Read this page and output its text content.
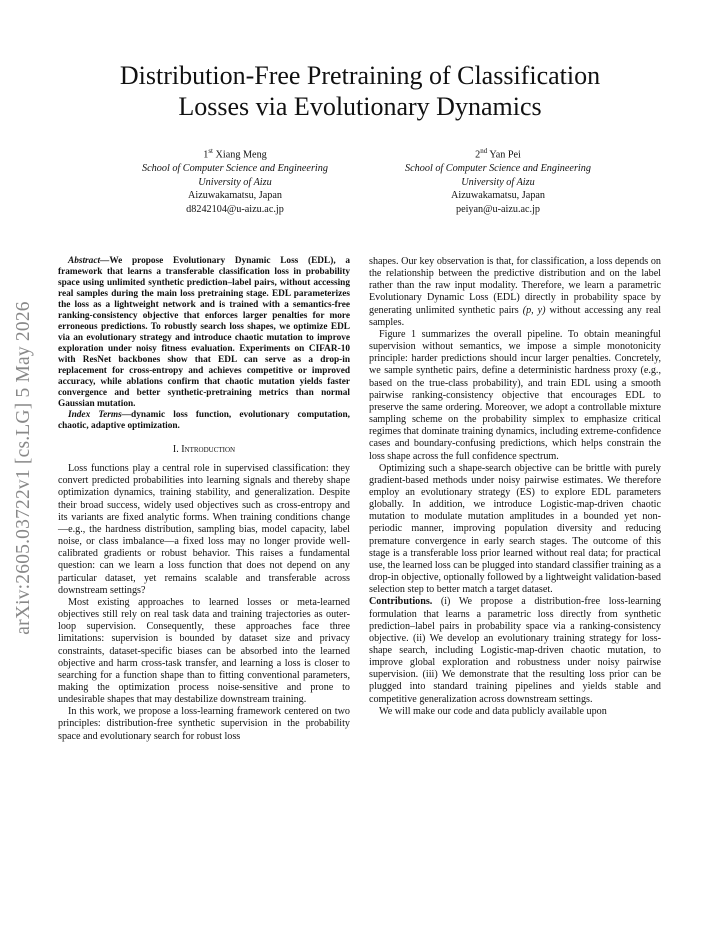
arXiv:2605.03722v1 [cs.LG] 5 May 2026
Distribution-Free Pretraining of Classification Losses via Evolutionary Dynamics
1st Xiang Meng
School of Computer Science and Engineering
University of Aizu
Aizuwakamatsu, Japan
d8242104@u-aizu.ac.jp
2nd Yan Pei
School of Computer Science and Engineering
University of Aizu
Aizuwakamatsu, Japan
peiyan@u-aizu.ac.jp

Abstract—We propose Evolutionary Dynamic Loss (EDL), a framework that learns a transferable classification loss in probability space using unlimited synthetic prediction–label pairs, without accessing real samples during the main loss pretraining stage. EDL parameterizes the loss as a lightweight network and is trained with a semantics-free ranking-consistency objective that enforces larger penalties for more erroneous predictions. To robustly search loss shapes, we optimize EDL via an evolutionary strategy and introduce chaotic mutation to improve exploration under noisy fitness evaluation. Experiments on CIFAR-10 with ResNet backbones show that EDL can serve as a drop-in replacement for cross-entropy and achieves competitive or improved accuracy, while ablations confirm that chaotic mutation yields faster convergence and better synthetic-pretraining metrics than normal Gaussian mutation.

Index Terms—dynamic loss function, evolutionary computation, chaotic, adaptive optimization.

I. Introduction

Loss functions play a central role in supervised classification: they convert predicted probabilities into learning signals and thereby shape optimization dynamics, training stability, and generalization. Despite their broad success, widely used objectives such as cross-entropy and its variants are fixed analytic forms. When training conditions change—e.g., the hardness distribution, sampling bias, model capacity, label noise, or class imbalance—a fixed loss may no longer provide well-calibrated gradients or robust behavior. This raises a fundamental question: can we learn a loss function that does not depend on any particular dataset, yet remains scalable and transferable across downstream settings?

Most existing approaches to learned losses or meta-learned objectives still rely on real task data and training trajectories as outer-loop supervision. Consequently, these approaches face three limitations: supervision is bounded by dataset size and privacy constraints, dataset-specific biases can be absorbed into the learned objective and harm cross-task transfer, and learning a loss is closer to searching for a function shape than to fitting conventional parameters, making the optimization process noise-sensitive and prone to undesirable shapes that may destabilize downstream training.

In this work, we propose a loss-learning framework centered on two principles: distribution-free synthetic supervision in the probability space and evolutionary search for robust loss

shapes. Our key observation is that, for classification, a loss depends on the relationship between the predictive distribution and on the label rather than the raw input modality. Therefore, we learn a parametric Evolutionary Dynamic Loss (EDL) directly in probability space by generating unlimited synthetic pairs (p, y) without accessing any real samples.

Figure 1 summarizes the overall pipeline. To obtain meaningful supervision without semantics, we impose a simple monotonicity principle: harder predictions should incur larger penalties. Concretely, we sample synthetic pairs, define a deterministic hardness proxy (e.g., based on the true-class probability), and train EDL using a smooth pairwise ranking-consistency objective that encourages EDL to preserve the same ordering. Moreover, we adopt a controllable mixture sampling scheme on the probability simplex to emphasize critical regimes that dominate training dynamics, including extreme-confidence cases and boundary-confusing predictions, which helps constrain the loss shape across the full confidence spectrum.

Optimizing such a shape-search objective can be brittle with purely gradient-based methods under noisy pairwise estimates. We therefore employ an evolutionary strategy (ES) to explore EDL parameters globally. In addition, we introduce Logistic-map-driven chaotic mutation to modulate mutation amplitudes in a bounded yet non-periodic manner, improving population diversity and reducing premature convergence in early search stages. The outcome of this stage is a transferable loss prior learned without real data; for practical use, the learned loss can be plugged into standard classifier training as a drop-in objective, optionally followed by a lightweight validation-based selection step to better match a target dataset.

Contributions. (i) We propose a distribution-free loss-learning formulation that learns a parametric loss directly from synthetic prediction–label pairs in probability space via a ranking-consistency objective. (ii) We develop an evolutionary training strategy for loss-shape search, including Logistic-map-driven chaotic mutation, to improve global exploration and robustness under noisy pairwise supervision. (iii) We demonstrate that the resulting loss prior can be plugged into standard training pipelines and yields stable and competitive generalization across downstream settings.

We will make our code and data publicly available upon
